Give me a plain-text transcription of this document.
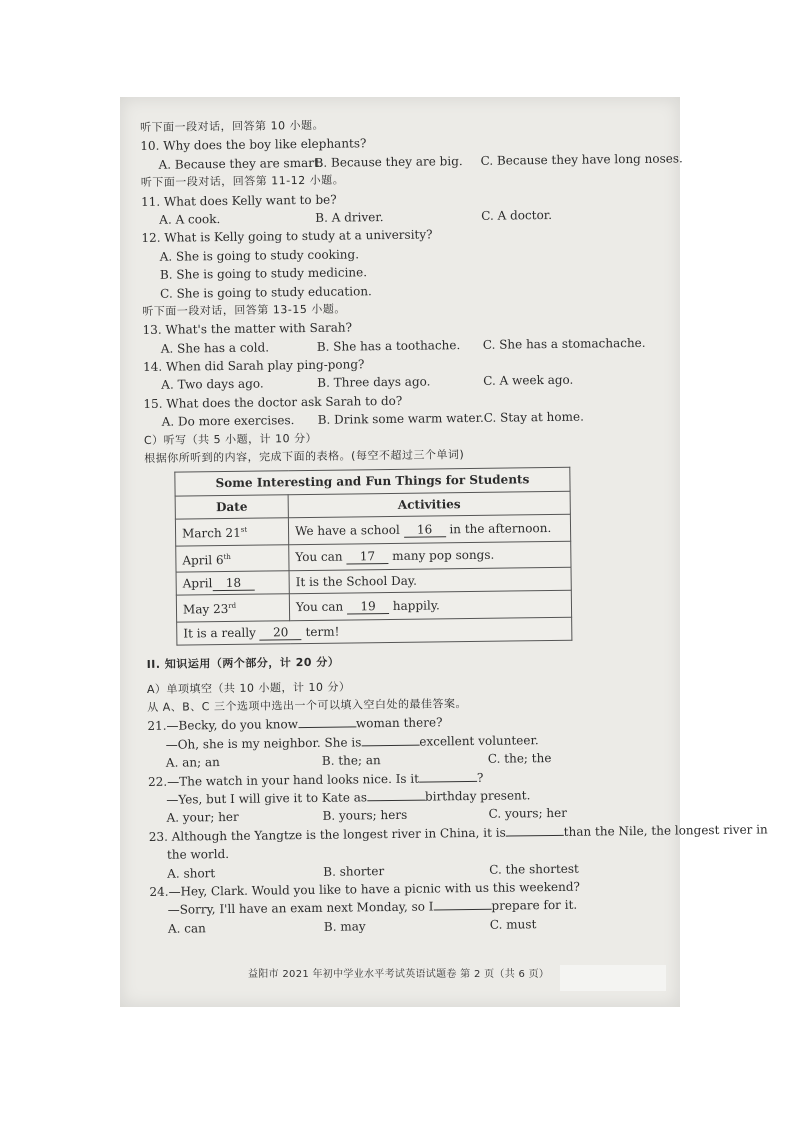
听下面一段对话，回答第 10 小题。
10. Why does the boy like elephants?
A. Because they are smart.
B. Because they are big. C. Because they have long noses.
听下面一段对话，回答第 11-12 小题。
11. What does Kelly want to be?
A. A cook.	B. A driver.	C. A doctor.
12. What is Kelly going to study at a university?
A. She is going to study cooking.
B. She is going to study medicine.
C. She is going to study education.
听下面一段对话，回答第 13-15 小题。
13. What's the matter with Sarah?
A. She has a cold.	B. She has a toothache. C. She has a stomachache.
14. When did Sarah play ping-pong?
A. Two days ago.	B. Three days ago.	C. A week ago.
15. What does the doctor ask Sarah to do?
A. Do more exercises. B. Drink some warm water. C. Stay at home.
C）听写（共 5 小题，计 10 分）
根据你所听到的内容，完成下面的表格。(每空不超过三个单词)
Some Interesting and Fun Things for Students	
Date	Activities
March 21st	We have a school 16 in the afternoon.
April 6th	You can 17 many pop songs.
April 18	It is the School Day.
May 23rd	You can 19 happily.
It is a really 20 term!	
II. 知识运用（两个部分，计 20 分）
A）单项填空（共 10 小题，计 10 分）
从 A、B、C 三个选项中选出一个可以填入空白处的最佳答案。
21.—Becky, do you know	woman there?
—Oh, she is my neighbor. She is	excellent volunteer.
A. an; an	B. the; an	C. the; the
22.—The watch in your hand looks nice. Is it	?
—Yes, but I will give it to Kate as	birthday present.
A. your; her	B. yours; hers	C. yours; her
23. Although the Yangtze is the longest river in China, it is	than the Nile, the longest river in
the world.
A. short	B. shorter	C. the shortest
24.—Hey, Clark. Would you like to have a picnic with us this weekend?
—Sorry, I'll have an exam next Monday, so I	prepare for it.
A. can	B. may	C. must
益阳市 2021 年初中学业水平考试英语试题卷 第 2 页（共 6 页）
